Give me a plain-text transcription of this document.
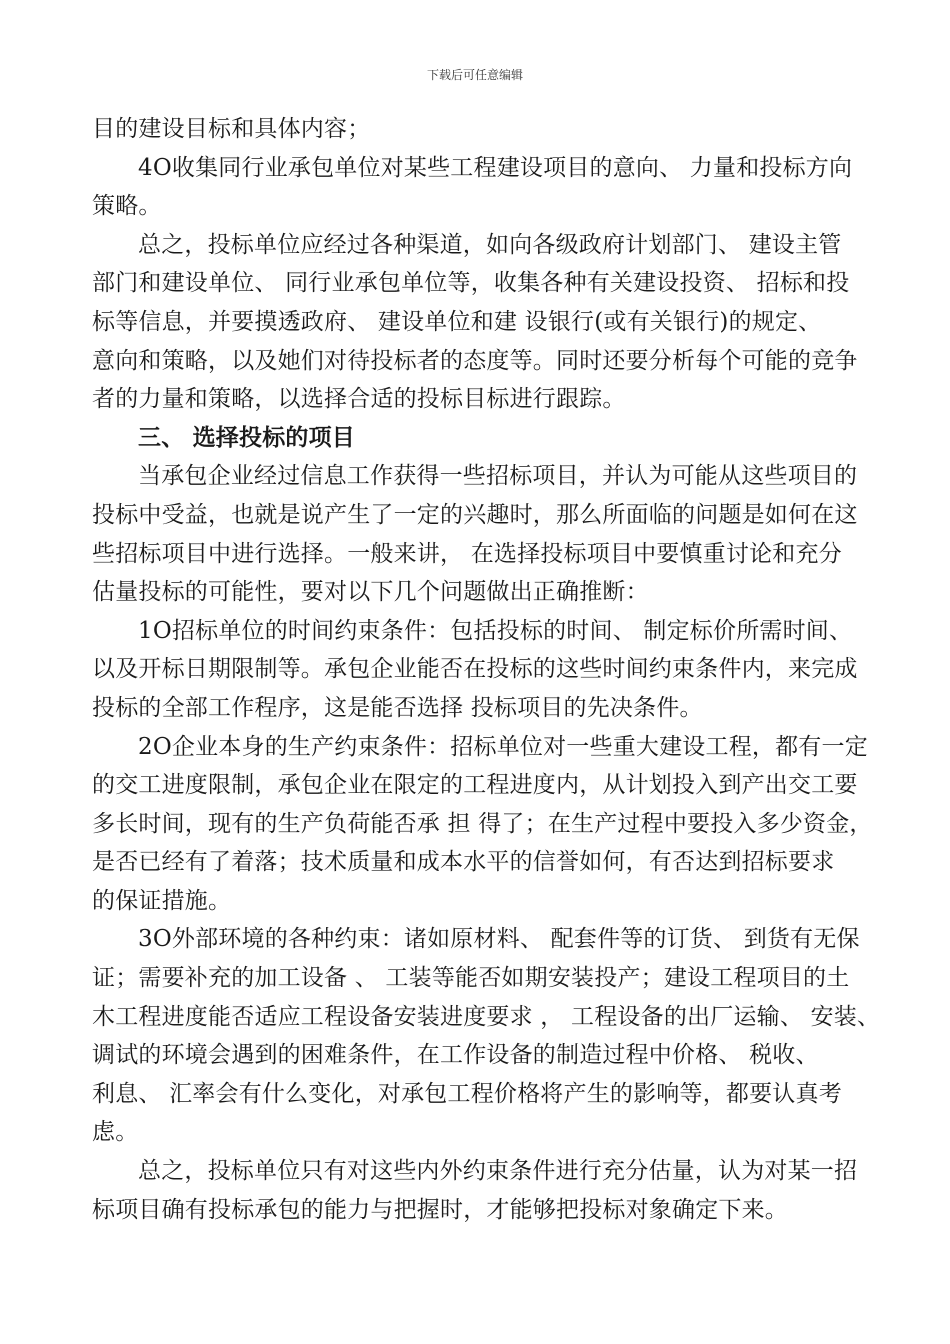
下载后可任意编辑
目的建设目标和具体内容；
4O收集同行业承包单位对某些工程建设项目的意向、 力量和投标方向
策略。
总之，投标单位应经过各种渠道，如向各级政府计划部门、 建设主管
部门和建设单位、 同行业承包单位等，收集各种有关建设投资、 招标和投
标等信息，并要摸透政府、 建设单位和建 设银行(或有关银行)的规定、
意向和策略，以及她们对待投标者的态度等。同时还要分析每个可能的竞争
者的力量和策略，以选择合适的投标目标进行跟踪。
三、 选择投标的项目
当承包企业经过信息工作获得一些招标项目，并认为可能从这些项目的
投标中受益，也就是说产生了一定的兴趣时，那么所面临的问题是如何在这
些招标项目中进行选择。一般来讲， 在选择投标项目中要慎重讨论和充分
估量投标的可能性，要对以下几个问题做出正确推断：
1O招标单位的时间约束条件：包括投标的时间、 制定标价所需时间、
以及开标日期限制等。承包企业能否在投标的这些时间约束条件内，来完成
投标的全部工作程序，这是能否选择 投标项目的先决条件。
2O企业本身的生产约束条件：招标单位对一些重大建设工程，都有一定
的交工进度限制，承包企业在限定的工程进度内，从计划投入到产出交工要
多长时间，现有的生产负荷能否承 担 得了；在生产过程中要投入多少资金，
是否已经有了着落；技术质量和成本水平的信誉如何，有否达到招标要求
的保证措施。
3O外部环境的各种约束：诸如原材料、 配套件等的订货、 到货有无保
证；需要补充的加工设备 、 工装等能否如期安装投产；建设工程项目的土
木工程进度能否适应工程设备安装进度要求 ， 工程设备的出厂运输、 安装、
调试的环境会遇到的困难条件，在工作设备的制造过程中价格、 税收、
利息、 汇率会有什么变化，对承包工程价格将产生的影响等，都要认真考
虑。
总之，投标单位只有对这些内外约束条件进行充分估量，认为对某一招
标项目确有投标承包的能力与把握时，才能够把投标对象确定下来。
